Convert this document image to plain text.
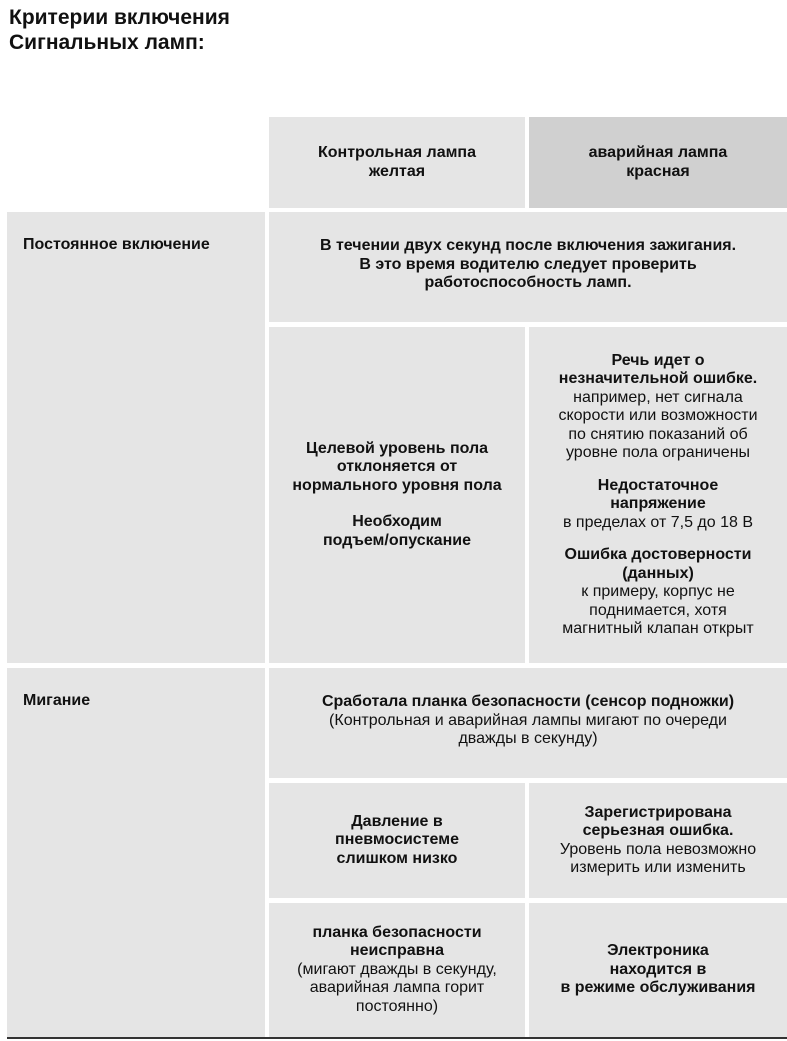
Критерии включения
Сигнальных ламп:
Контрольная лампа
желтая
аварийная лампа
красная
Постоянное включение	В течении двух секунд после включения зажигания.
В это время водителю следует проверить
работоспособность ламп.
Целевой уровень пола
отклоняется от
нормального уровня пола
Необходим
подъем/опускание
Речь идет о
незначительной ошибке.
например, нет сигнала
скорости или возможности
по снятию показаний об
уровне пола ограничены
Недостаточное
напряжение
в пределах от 7,5 до 18 В
Ошибка достоверности
(данных)
к примеру, корпус не
поднимается, хотя
магнитный клапан открыт
Мигание	Сработала планка безопасности (сенсор подножки)
(Контрольная и аварийная лампы мигают по очереди
дважды в секунду)
Давление в
пневмосистеме
слишком низко
Зарегистрирована
серьезная ошибка.
Уровень пола невозможно
измерить или изменить
планка безопасности
неисправна
(мигают дважды в секунду,
аварийная лампа горит
постоянно)
Электроника
находится в
в режиме обслуживания
